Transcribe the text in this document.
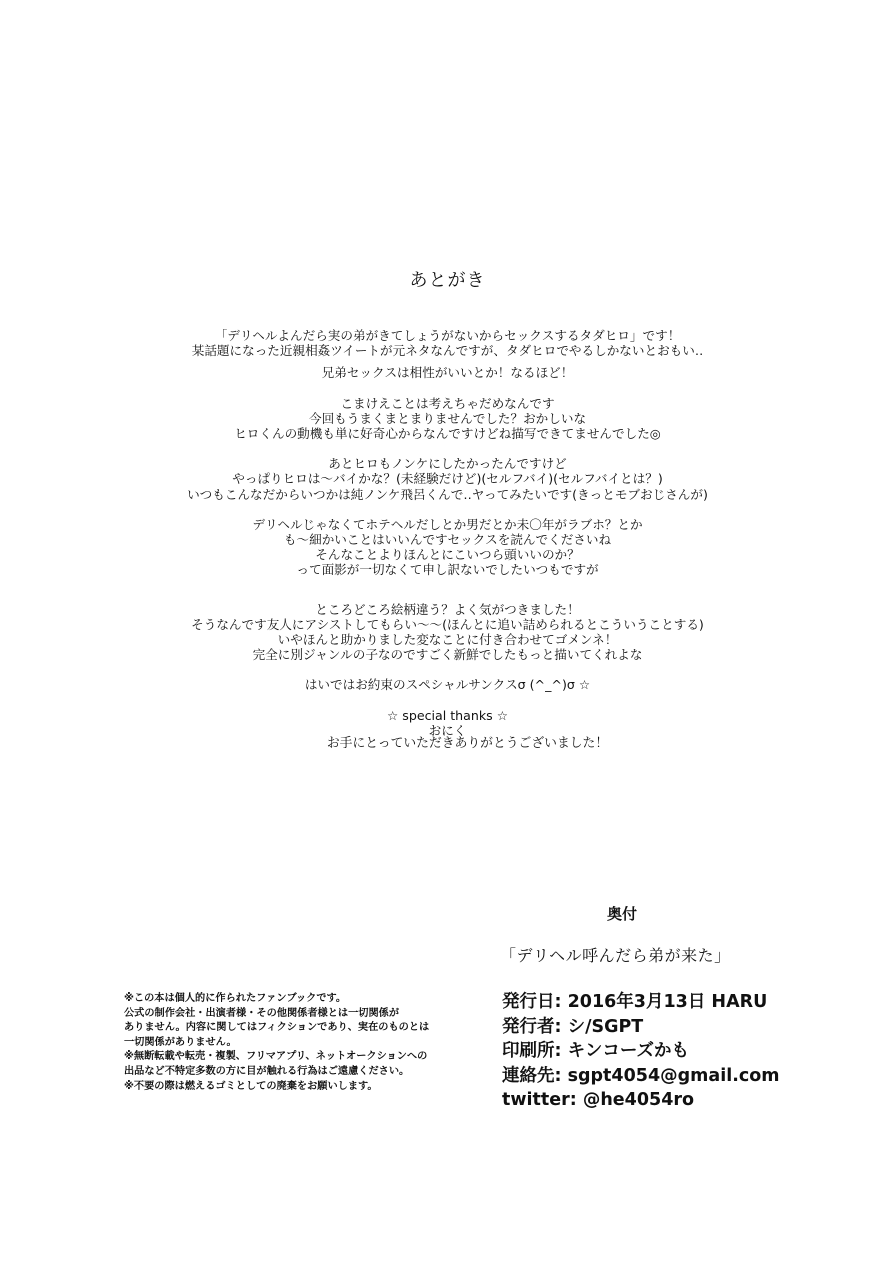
あとがき
「デリヘルよんだら実の弟がきてしょうがないからセックスするタダヒロ」です！
某話題になった近親相姦ツイートが元ネタなんですが、タダヒロでやるしかないとおもい‥
兄弟セックスは相性がいいとか！なるほど！
こまけえことは考えちゃだめなんです
今回もうまくまとまりませんでした？おかしいな
ヒロくんの動機も単に好奇心からなんですけどね描写できてませんでした◎
あとヒロもノンケにしたかったんですけど
やっぱりヒロは〜バイかな？(未経験だけど)(セルフバイ)(セルフバイとは？)
いつもこんなだからいつかは純ノンケ飛呂くんで‥ヤってみたいです(きっとモブおじさんが)
デリヘルじゃなくてホテヘルだしとか男だとか未〇年がラブホ？とか
も〜細かいことはいいんですセックスを読んでくださいね
そんなことよりほんとにこいつら頭いいのか？
って面影が一切なくて申し訳ないでしたいつもですが
ところどころ絵柄違う？よく気がつきました！
そうなんです友人にアシストしてもらい〜〜(ほんとに追い詰められるとこういうことする)
いやほんと助かりました変なことに付き合わせてゴメンネ！
完全に別ジャンルの子なのですごく新鮮でしたもっと描いてくれよな
はいではお約束のスペシャルサンクスσ (^_^)σ ☆
☆ special thanks ☆
おにく
お手にとっていただきありがとうございました！
奥付
「デリヘル呼んだら弟が来た」
発行日: 2016年3月13日 HARU
発行者: シ/SGPT
印刷所: キンコーズかも
連絡先: sgpt4054@gmail.com
twitter: @he4054ro
※この本は個人的に作られたファンブックです。
公式の制作会社・出演者様・その他関係者様とは一切関係が
ありません。内容に関してはフィクションであり、実在のものとは
一切関係がありません。
※無断転載や転売・複製、フリマアプリ、ネットオークションへの
出品など不特定多数の方に目が触れる行為はご遠慮ください。
※不要の際は燃えるゴミとしての廃棄をお願いします。
